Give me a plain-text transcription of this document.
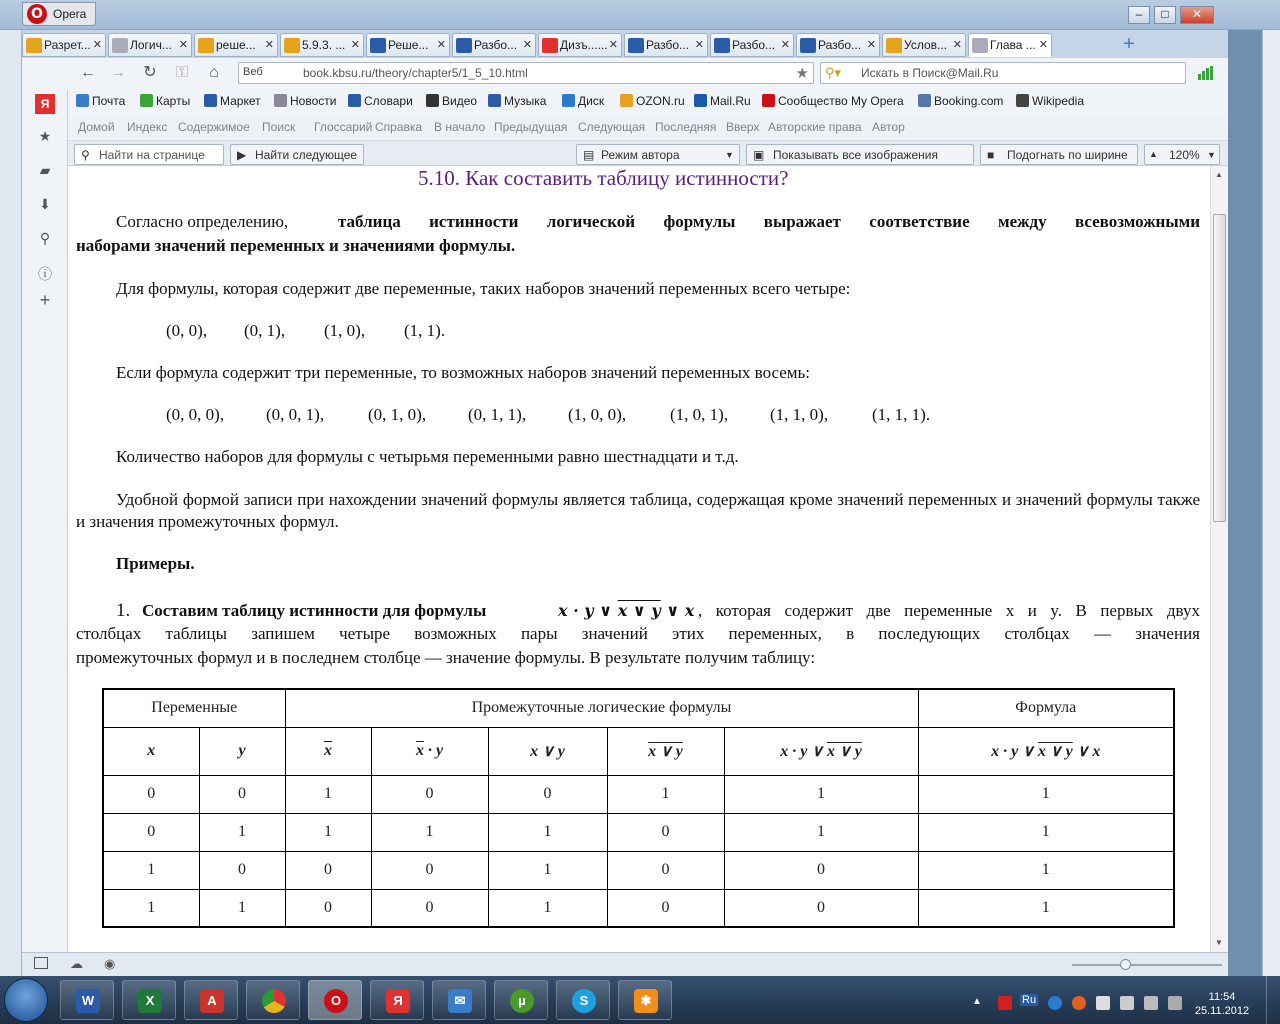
O Opera	–	□	✕
Разрет... ✕ Логич... ✕ реше... ✕ 5.9.3. ... ✕ Реше... ✕ Разбо... ✕ Дизъ...... ✕ Разбо... ✕ Разбо... ✕ Разбо... ✕ Услов... ✕ Глава ... ✕	+
← →	↻	⚿	⌂	Веб	book.kbsu.ru/theory/chapter5/1_5_10.html	★ ⚲▾ Искать в Поиск@Mail.Ru
Я
★
▰
⬇
⚲
ⓘ
+
Почта	Карты	Маркет	Новости	Словари	Видео	Музыка	Диск	OZON.ru	Mail.Ru	Сообщество My Opera	Booking.com	Wikipedia
Домой Индекс Содержимое Поиск Глоссарий Справка В начало Предыдущая Следующая Последняя Вверх Авторские права Автор
⚲ Найти на странице	▶ Найти следующее	▤ Режим автора	▼ ▣ Показывать все изображения	■ Подогнать по ширине ▲ 120% ▼
5.10. Как составить таблицу истинности?
Согласно определению,	таблица истинности логической формулы выражает соответствие между всевозможными
наборами значений переменных и значениями формулы.
Для формулы, которая содержит две переменные, таких наборов значений переменных всего четыре:
Если формула содержит три переменные, то возможных наборов значений переменных восемь:
Количество наборов для формулы с четырьмя переменными равно шестнадцати и т.д.
Удобной формой записи при нахождении значений формулы является таблица, содержащая кроме значений переменных и значений формулы также и значения промежуточных формул.
Примеры.
1. Составим таблицу истинности для формулы	x · y ∨ x ∨ y ∨ x , которая содержит две переменные x и y. В первых двух
столбцах таблицы запишем четыре возможных пары значений этих переменных, в последующих столбцах — значения
промежуточных формул и в последнем столбце — значение формулы. В результате получим таблицу:
Переменные		Промежуточные логические формулы					Формула
x	y	$\overline{x}$	$\overline{x} \cdot y$	x ∨ y	x ∨ y	x · y ∨ x ∨ y	x · y ∨ x ∨ y ∨ x
0	0	1	0	0	1	1	1
0	1	1	1	1	0	1	1
1	0	0	0	1	0	0	1
1	1	0	0	1	0	0	1
(0, 0), (0, 1), (1, 0), (1, 1).
(0, 0, 0), (0, 0, 1),	(0, 1, 0), (0, 1, 1), (1, 0, 0),	(1, 0, 1), (1, 1, 0),	(1, 1, 1).
▲
▼
☁ ◉
W	X	A	O	Я	✉	µ	S	✱	▲	Ru	11:54
25.11.2012
